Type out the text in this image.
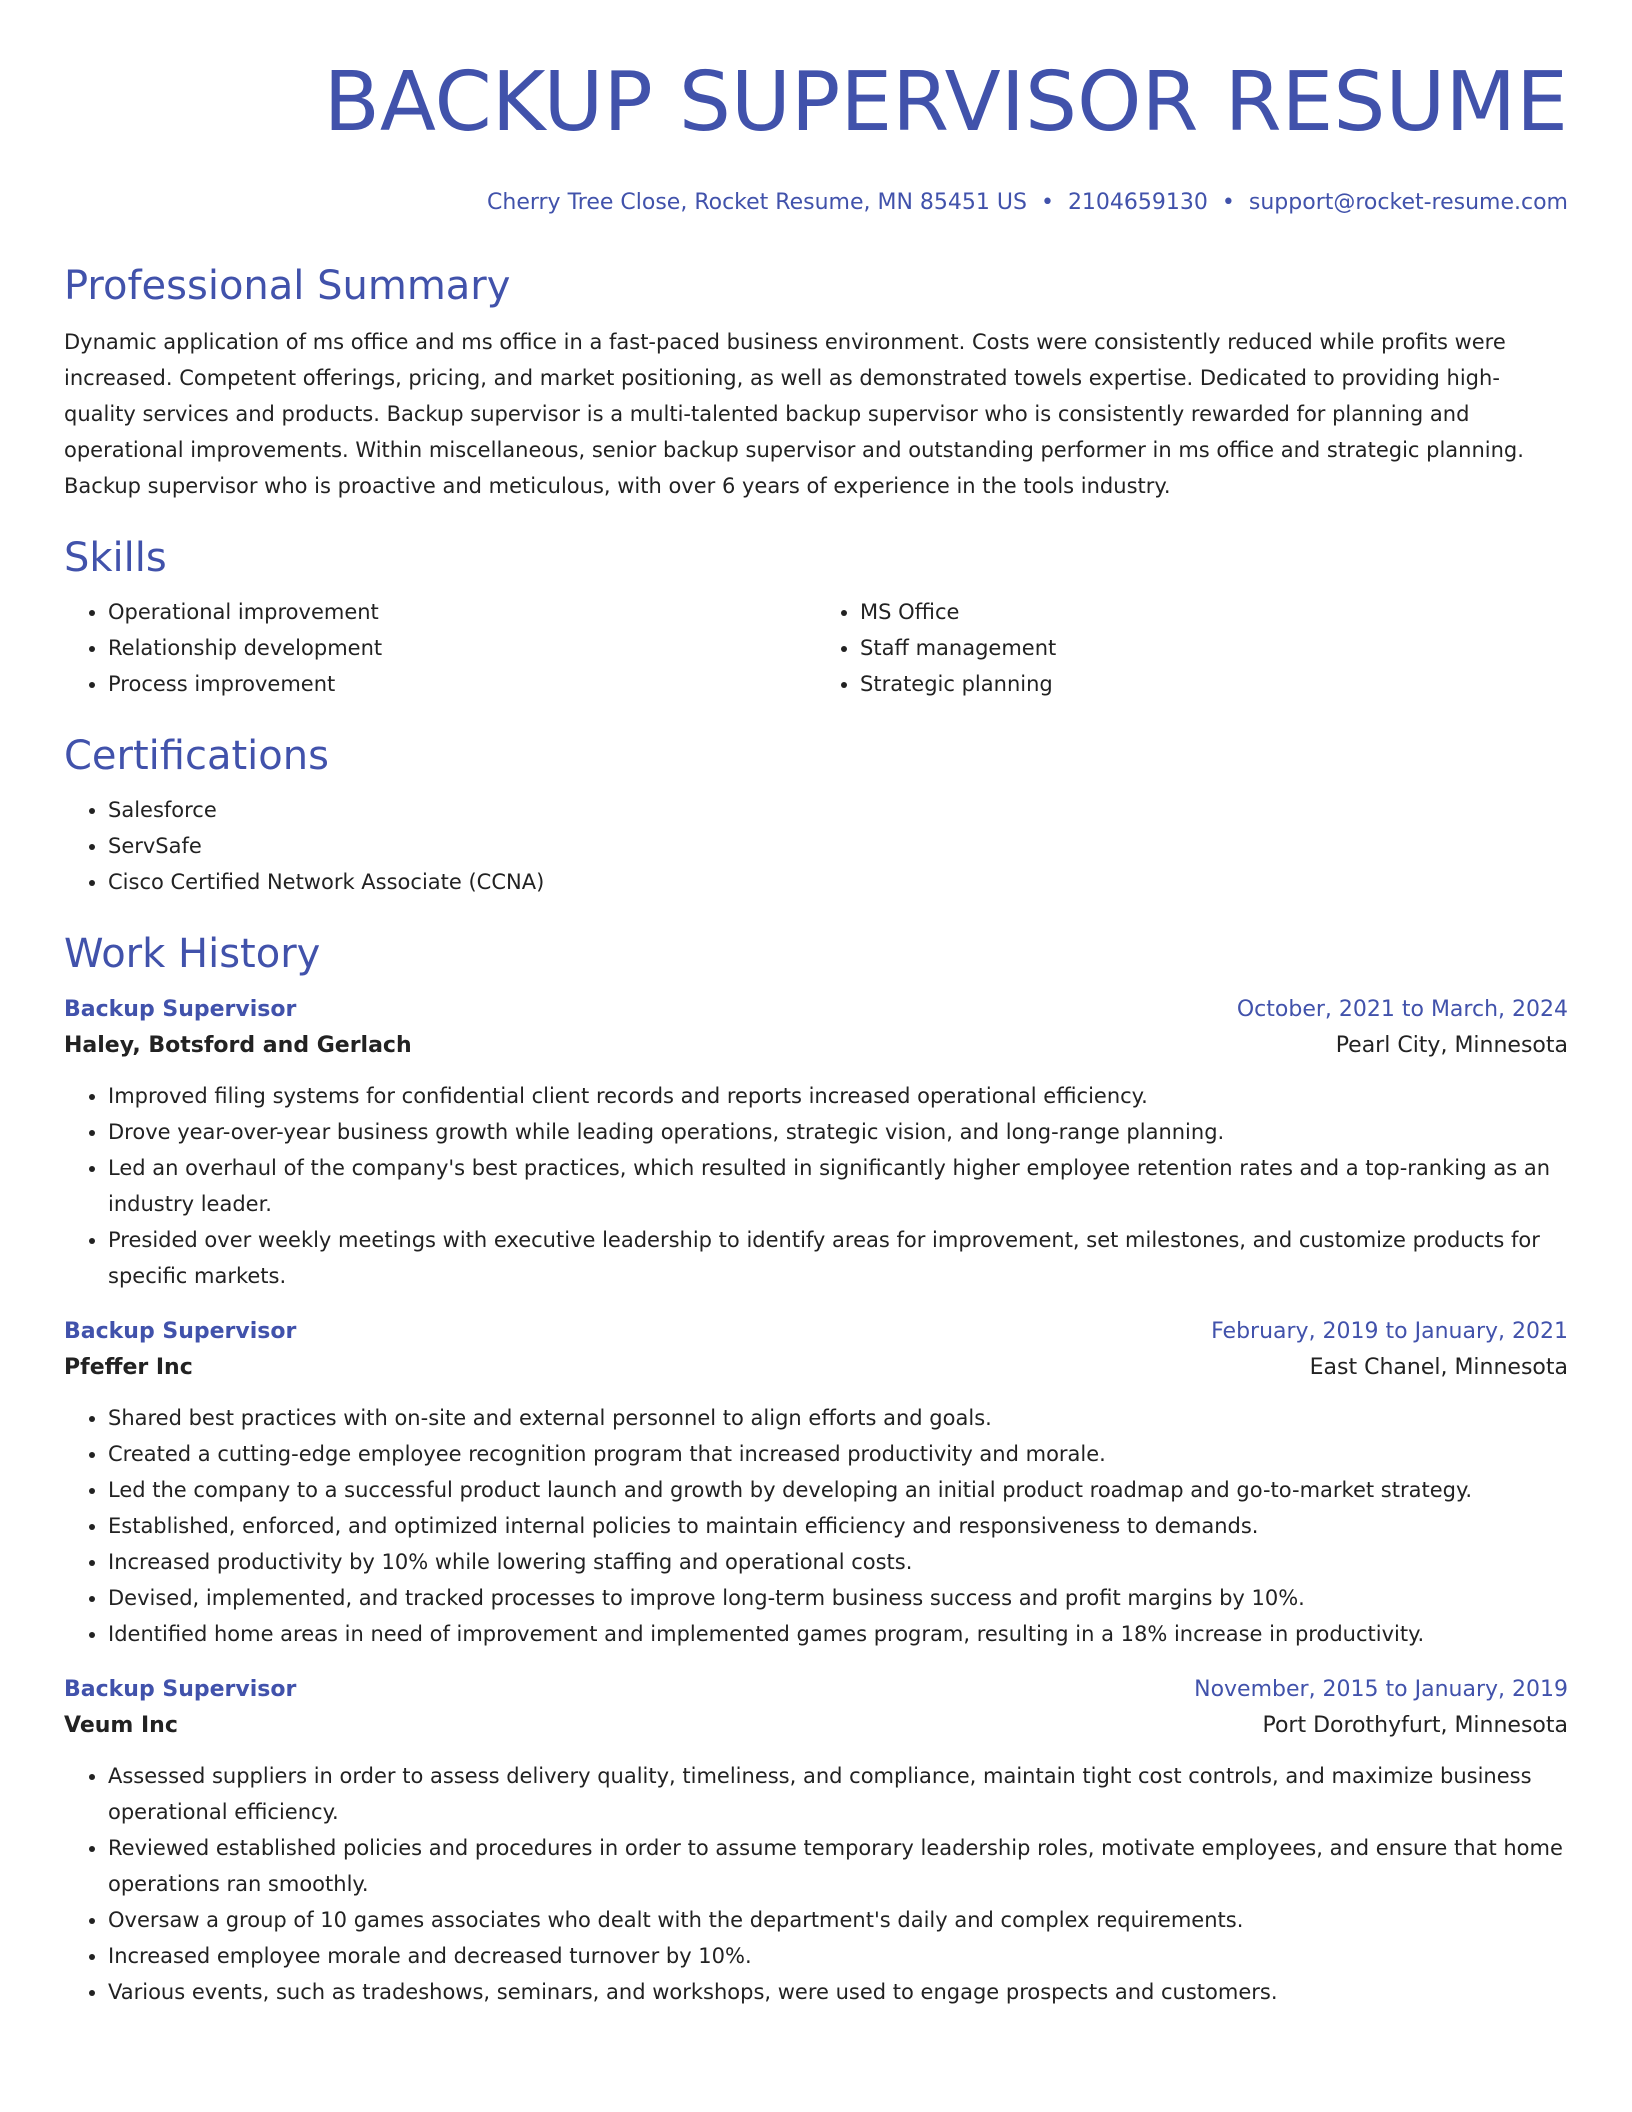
BACKUP SUPERVISOR RESUME
Cherry Tree Close, Rocket Resume, MN 85451 US • 2104659130 • support@rocket-resume.com
Professional Summary

Dynamic application of ms office and ms office in a fast-paced business environment. Costs were consistently reduced while profits were increased. Competent offerings, pricing, and market positioning, as well as demonstrated towels expertise. Dedicated to providing high-quality services and products. Backup supervisor is a multi-talented backup supervisor who is consistently rewarded for planning and operational improvements. Within miscellaneous, senior backup supervisor and outstanding performer in ms office and strategic planning. Backup supervisor who is proactive and meticulous, with over 6 years of experience in the tools industry.

Skills
• Operational improvement
• Relationship development
• Process improvement
• MS Office
• Staff management
• Strategic planning
Certifications
• Salesforce
• ServSafe
• Cisco Certified Network Associate (CCNA)
Work History
Backup Supervisor	October, 2021 to March, 2024
Haley, Botsford and Gerlach	Pearl City, Minnesota
• Improved filing systems for confidential client records and reports increased operational efficiency.
• Drove year-over-year business growth while leading operations, strategic vision, and long-range planning.
• Led an overhaul of the company's best practices, which resulted in significantly higher employee retention rates and a top-ranking as an industry leader.
• Presided over weekly meetings with executive leadership to identify areas for improvement, set milestones, and customize products for specific markets.
Backup Supervisor	February, 2019 to January, 2021
Pfeffer Inc	East Chanel, Minnesota
• Shared best practices with on-site and external personnel to align efforts and goals.
• Created a cutting-edge employee recognition program that increased productivity and morale.
• Led the company to a successful product launch and growth by developing an initial product roadmap and go-to-market strategy.
• Established, enforced, and optimized internal policies to maintain efficiency and responsiveness to demands.
• Increased productivity by 10% while lowering staffing and operational costs.
• Devised, implemented, and tracked processes to improve long-term business success and profit margins by 10%.
• Identified home areas in need of improvement and implemented games program, resulting in a 18% increase in productivity.
Backup Supervisor	November, 2015 to January, 2019
Veum Inc	Port Dorothyfurt, Minnesota
• Assessed suppliers in order to assess delivery quality, timeliness, and compliance, maintain tight cost controls, and maximize business operational efficiency.
• Reviewed established policies and procedures in order to assume temporary leadership roles, motivate employees, and ensure that home operations ran smoothly.
• Oversaw a group of 10 games associates who dealt with the department's daily and complex requirements.
• Increased employee morale and decreased turnover by 10%.
• Various events, such as tradeshows, seminars, and workshops, were used to engage prospects and customers.
